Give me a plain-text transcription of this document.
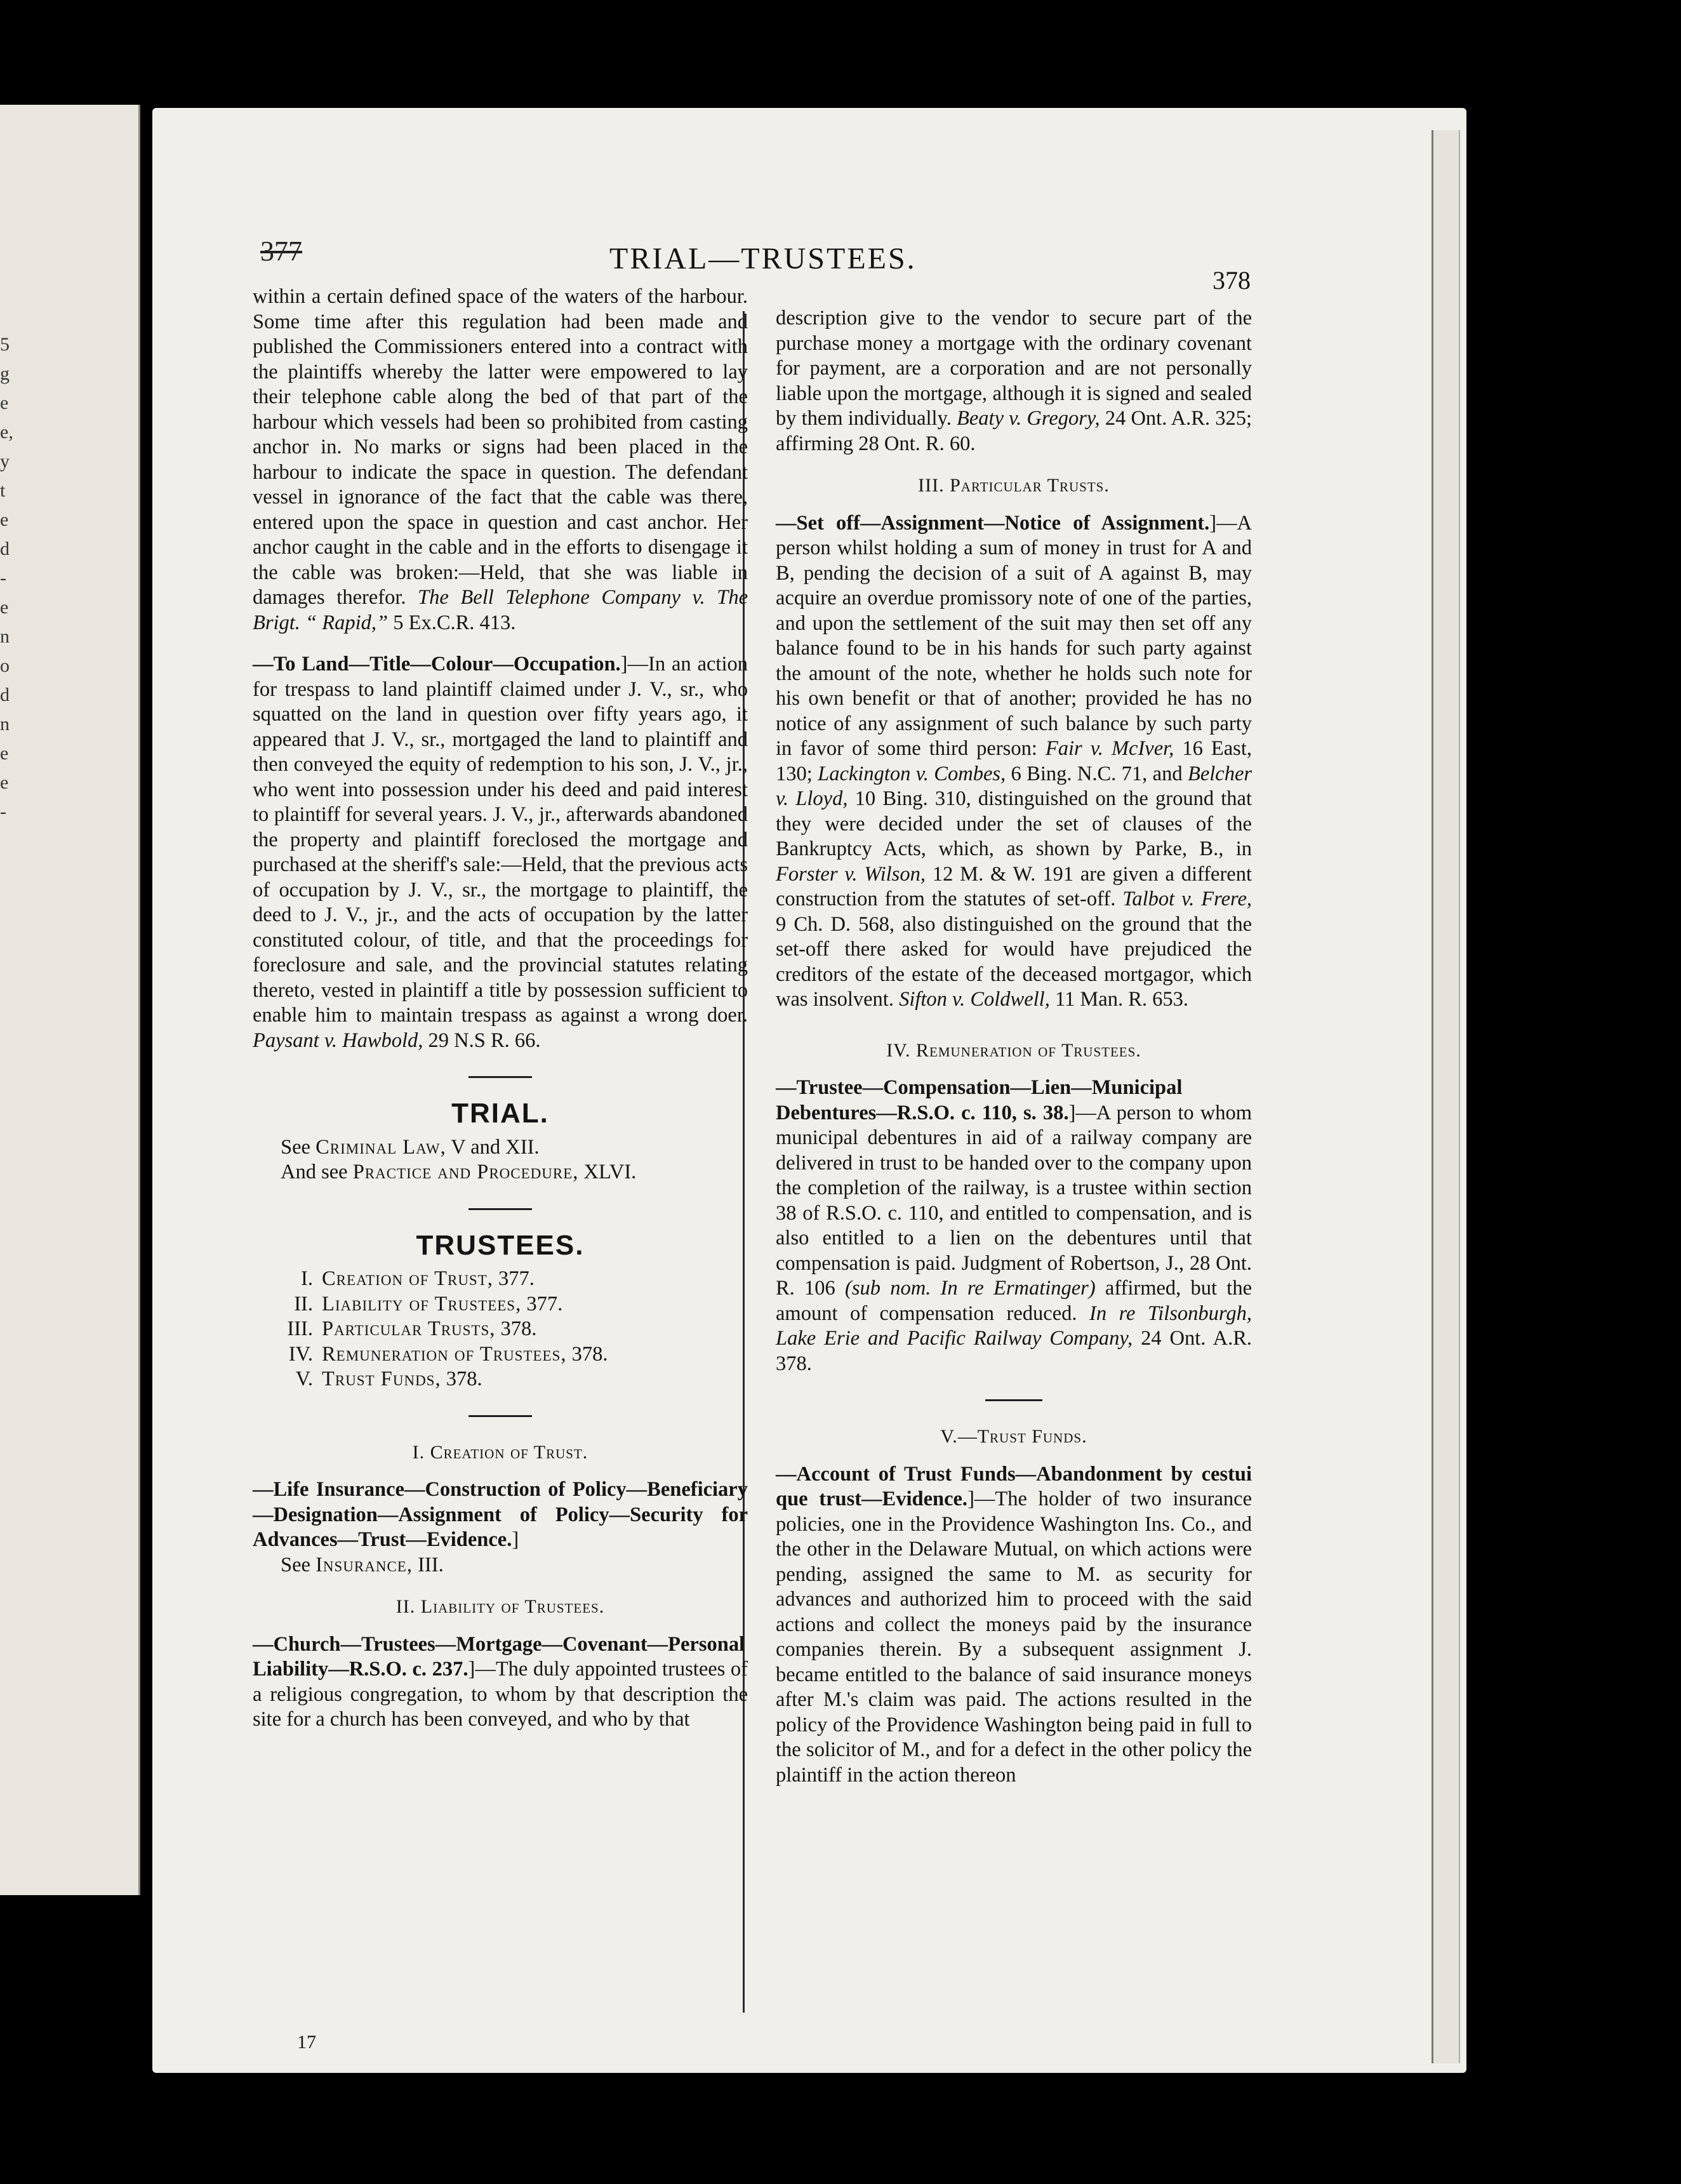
5
g
e
e,
y
t
e
d
-
e
n
o
d
n
e
e
-
377	TRIAL—TRUSTEES.
378

within a certain defined space of the waters of the harbour. Some time after this regulation had been made and published the Commissioners entered into a contract with the plaintiffs whereby the latter were empowered to lay their telephone cable along the bed of that part of the harbour which vessels had been so prohibited from casting anchor in. No marks or signs had been placed in the harbour to indicate the space in question. The defendant vessel in ignorance of the fact that the cable was there, entered upon the space in question and cast anchor. Her anchor caught in the cable and in the efforts to disengage it the cable was broken:—Held, that she was liable in damages therefor. The Bell Telephone Company v. The Brigt. “ Rapid,” 5 Ex.C.R. 413.

—To Land—Title—Colour—Occupation.]—In an action for trespass to land plaintiff claimed under J. V., sr., who squatted on the land in question over fifty years ago, it appeared that J. V., sr., mortgaged the land to plaintiff and then conveyed the equity of redemption to his son, J. V., jr., who went into possession under his deed and paid interest to plaintiff for several years. J. V., jr., afterwards abandoned the property and plaintiff foreclosed the mortgage and purchased at the sheriff's sale:—Held, that the previous acts of occupation by J. V., sr., the mortgage to plaintiff, the deed to J. V., jr., and the acts of occupation by the latter constituted colour, of title, and that the proceedings for foreclosure and sale, and the provincial statutes relating thereto, vested in plaintiff a title by possession sufficient to enable him to maintain trespass as against a wrong doer. Paysant v. Hawbold, 29 N.S R. 66.

TRIAL.

See Criminal Law, V and XII.

And see Practice and Procedure, XLVI.

TRUSTEES.

I. Creation of Trust, 377.
II. Liability of Trustees, 377.
III. Particular Trusts, 378.
IV. Remuneration of Trustees, 378.
V. Trust Funds, 378.

I. Creation of Trust.

—Life Insurance—Construction of Policy—Beneficiary—Designation—Assignment of Policy—Security for Advances—Trust—Evidence.]

See Insurance, III.

II. Liability of Trustees.

—Church—Trustees—Mortgage—Covenant—Personal Liability—R.S.O. c. 237.]—The duly appointed trustees of a religious congregation, to whom by that description the site for a church has been conveyed, and who by that

description give to the vendor to secure part of the purchase money a mortgage with the ordinary covenant for payment, are a corporation and are not personally liable upon the mortgage, although it is signed and sealed by them individually. Beaty v. Gregory, 24 Ont. A.R. 325; affirming 28 Ont. R. 60.

III. Particular Trusts.

—Set off—Assignment—Notice of Assignment.]—A person whilst holding a sum of money in trust for A and B, pending the decision of a suit of A against B, may acquire an overdue promissory note of one of the parties, and upon the settlement of the suit may then set off any balance found to be in his hands for such party against the amount of the note, whether he holds such note for his own benefit or that of another; provided he has no notice of any assignment of such balance by such party in favor of some third person: Fair v. McIver, 16 East, 130; Lackington v. Combes, 6 Bing. N.C. 71, and Belcher v. Lloyd, 10 Bing. 310, distinguished on the ground that they were decided under the set of clauses of the Bankruptcy Acts, which, as shown by Parke, B., in Forster v. Wilson, 12 M. & W. 191 are given a different construction from the statutes of set-off. Talbot v. Frere, 9 Ch. D. 568, also distinguished on the ground that the set-off there asked for would have prejudiced the creditors of the estate of the deceased mortgagor, which was insolvent. Sifton v. Coldwell, 11 Man. R. 653.

IV. Remuneration of Trustees.

—Trustee—Compensation—Lien—Municipal Debentures—R.S.O. c. 110, s. 38.]—A person to whom municipal debentures in aid of a railway company are delivered in trust to be handed over to the company upon the completion of the railway, is a trustee within section 38 of R.S.O. c. 110, and entitled to compensation, and is also entitled to a lien on the debentures until that compensation is paid. Judgment of Robertson, J., 28 Ont. R. 106 (sub nom. In re Ermatinger) affirmed, but the amount of compensation reduced. In re Tilsonburgh, Lake Erie and Pacific Railway Company, 24 Ont. A.R. 378.

V.—Trust Funds.

—Account of Trust Funds—Abandonment by cestui que trust—Evidence.]—The holder of two insurance policies, one in the Providence Washington Ins. Co., and the other in the Delaware Mutual, on which actions were pending, assigned the same to M. as security for advances and authorized him to proceed with the said actions and collect the moneys paid by the insurance companies therein. By a subsequent assignment J. became entitled to the balance of said insurance moneys after M.'s claim was paid. The actions resulted in the policy of the Providence Washington being paid in full to the solicitor of M., and for a defect in the other policy the plaintiff in the action thereon

17
